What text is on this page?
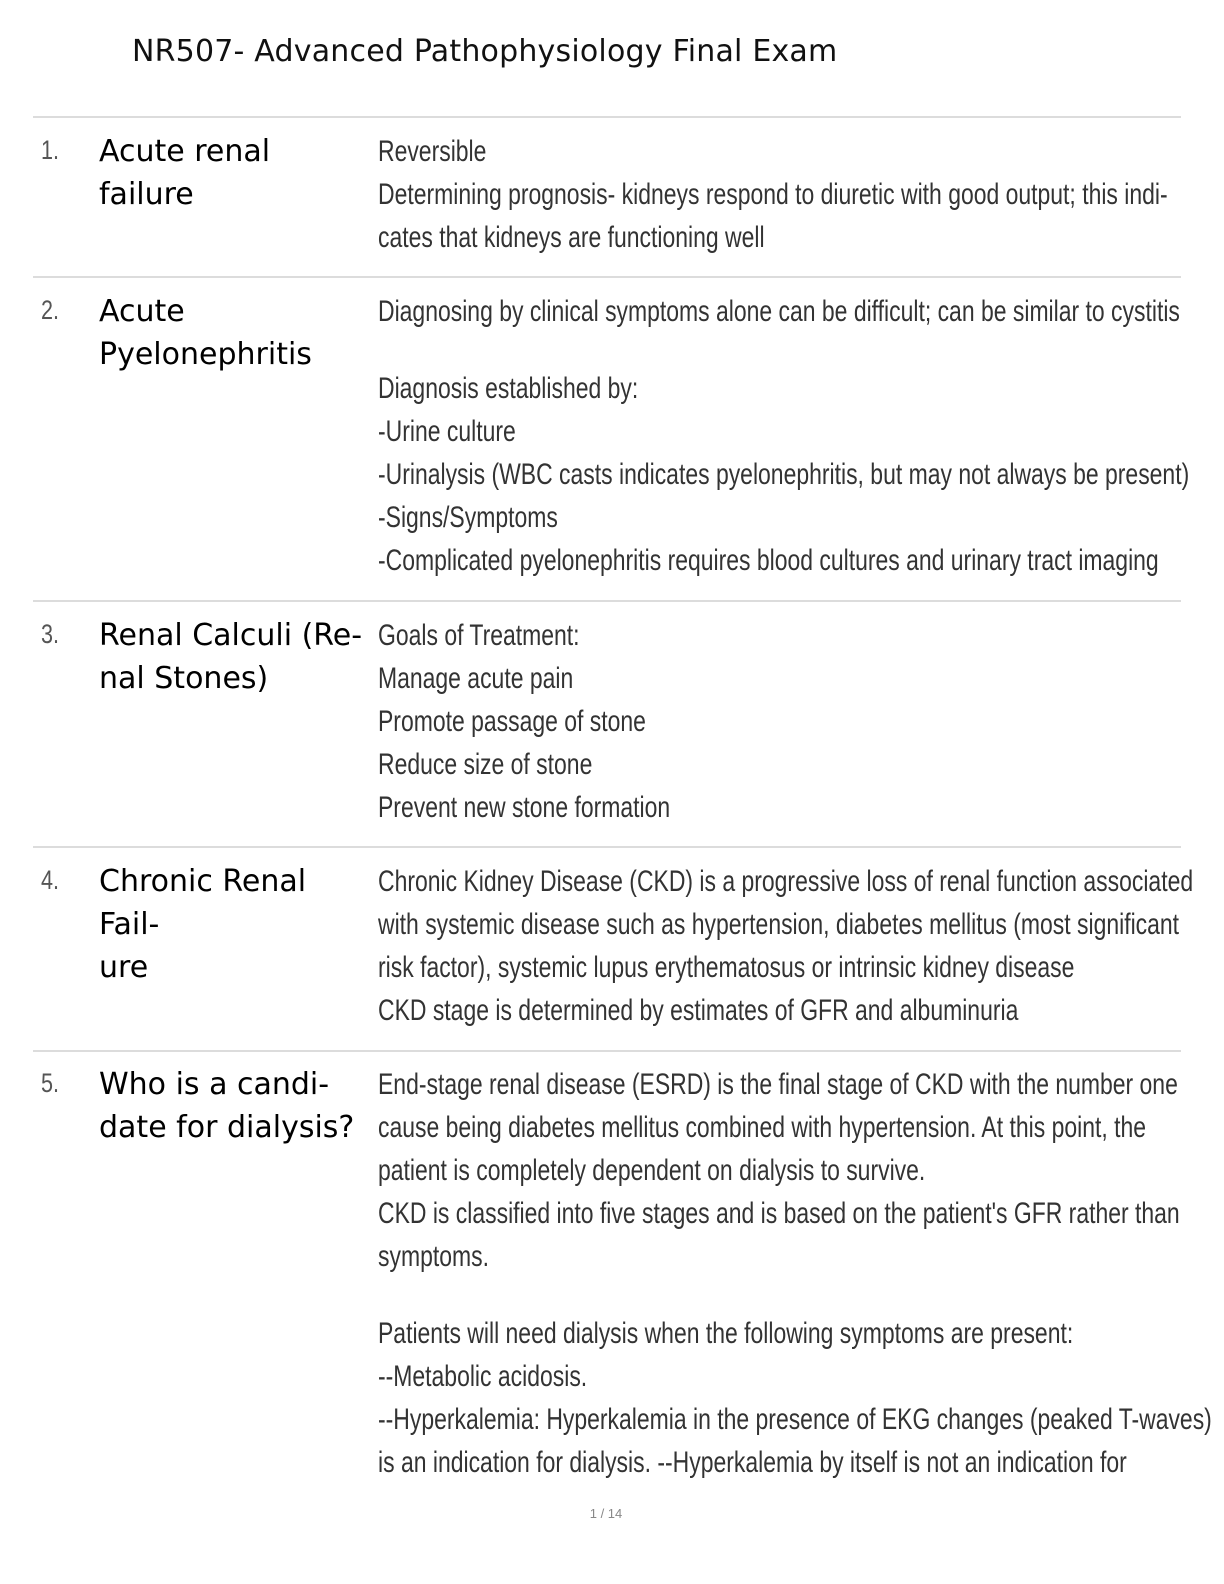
NR507- Advanced Pathophysiology Final Exam
1. Acute renal failure

Reversible

Determining prognosis- kidneys respond to diuretic with good output; this indi-

cates that kidneys are functioning well

2. Acute
Pyelonephritis

Diagnosing by clinical symptoms alone can be difficult; can be similar to cystitis

Diagnosis established by:

-Urine culture

-Urinalysis (WBC casts indicates pyelonephritis, but may not always be present)

-Signs/Symptoms

-Complicated pyelonephritis requires blood cultures and urinary tract imaging

3. Renal Calculi (Re-
nal Stones)

Goals of Treatment:

Manage acute pain

Promote passage of stone

Reduce size of stone

Prevent new stone formation

4. Chronic Renal Fail-
ure

Chronic Kidney Disease (CKD) is a progressive loss of renal function associated

with systemic disease such as hypertension, diabetes mellitus (most significant

risk factor), systemic lupus erythematosus or intrinsic kidney disease

CKD stage is determined by estimates of GFR and albuminuria

5. Who is a candi-
date for dialysis?

End-stage renal disease (ESRD) is the final stage of CKD with the number one

cause being diabetes mellitus combined with hypertension. At this point, the

patient is completely dependent on dialysis to survive.

CKD is classified into five stages and is based on the patient's GFR rather than

symptoms.

Patients will need dialysis when the following symptoms are present:

--Metabolic acidosis.

--Hyperkalemia: Hyperkalemia in the presence of EKG changes (peaked T-waves)

is an indication for dialysis. --Hyperkalemia by itself is not an indication for

1 / 14
